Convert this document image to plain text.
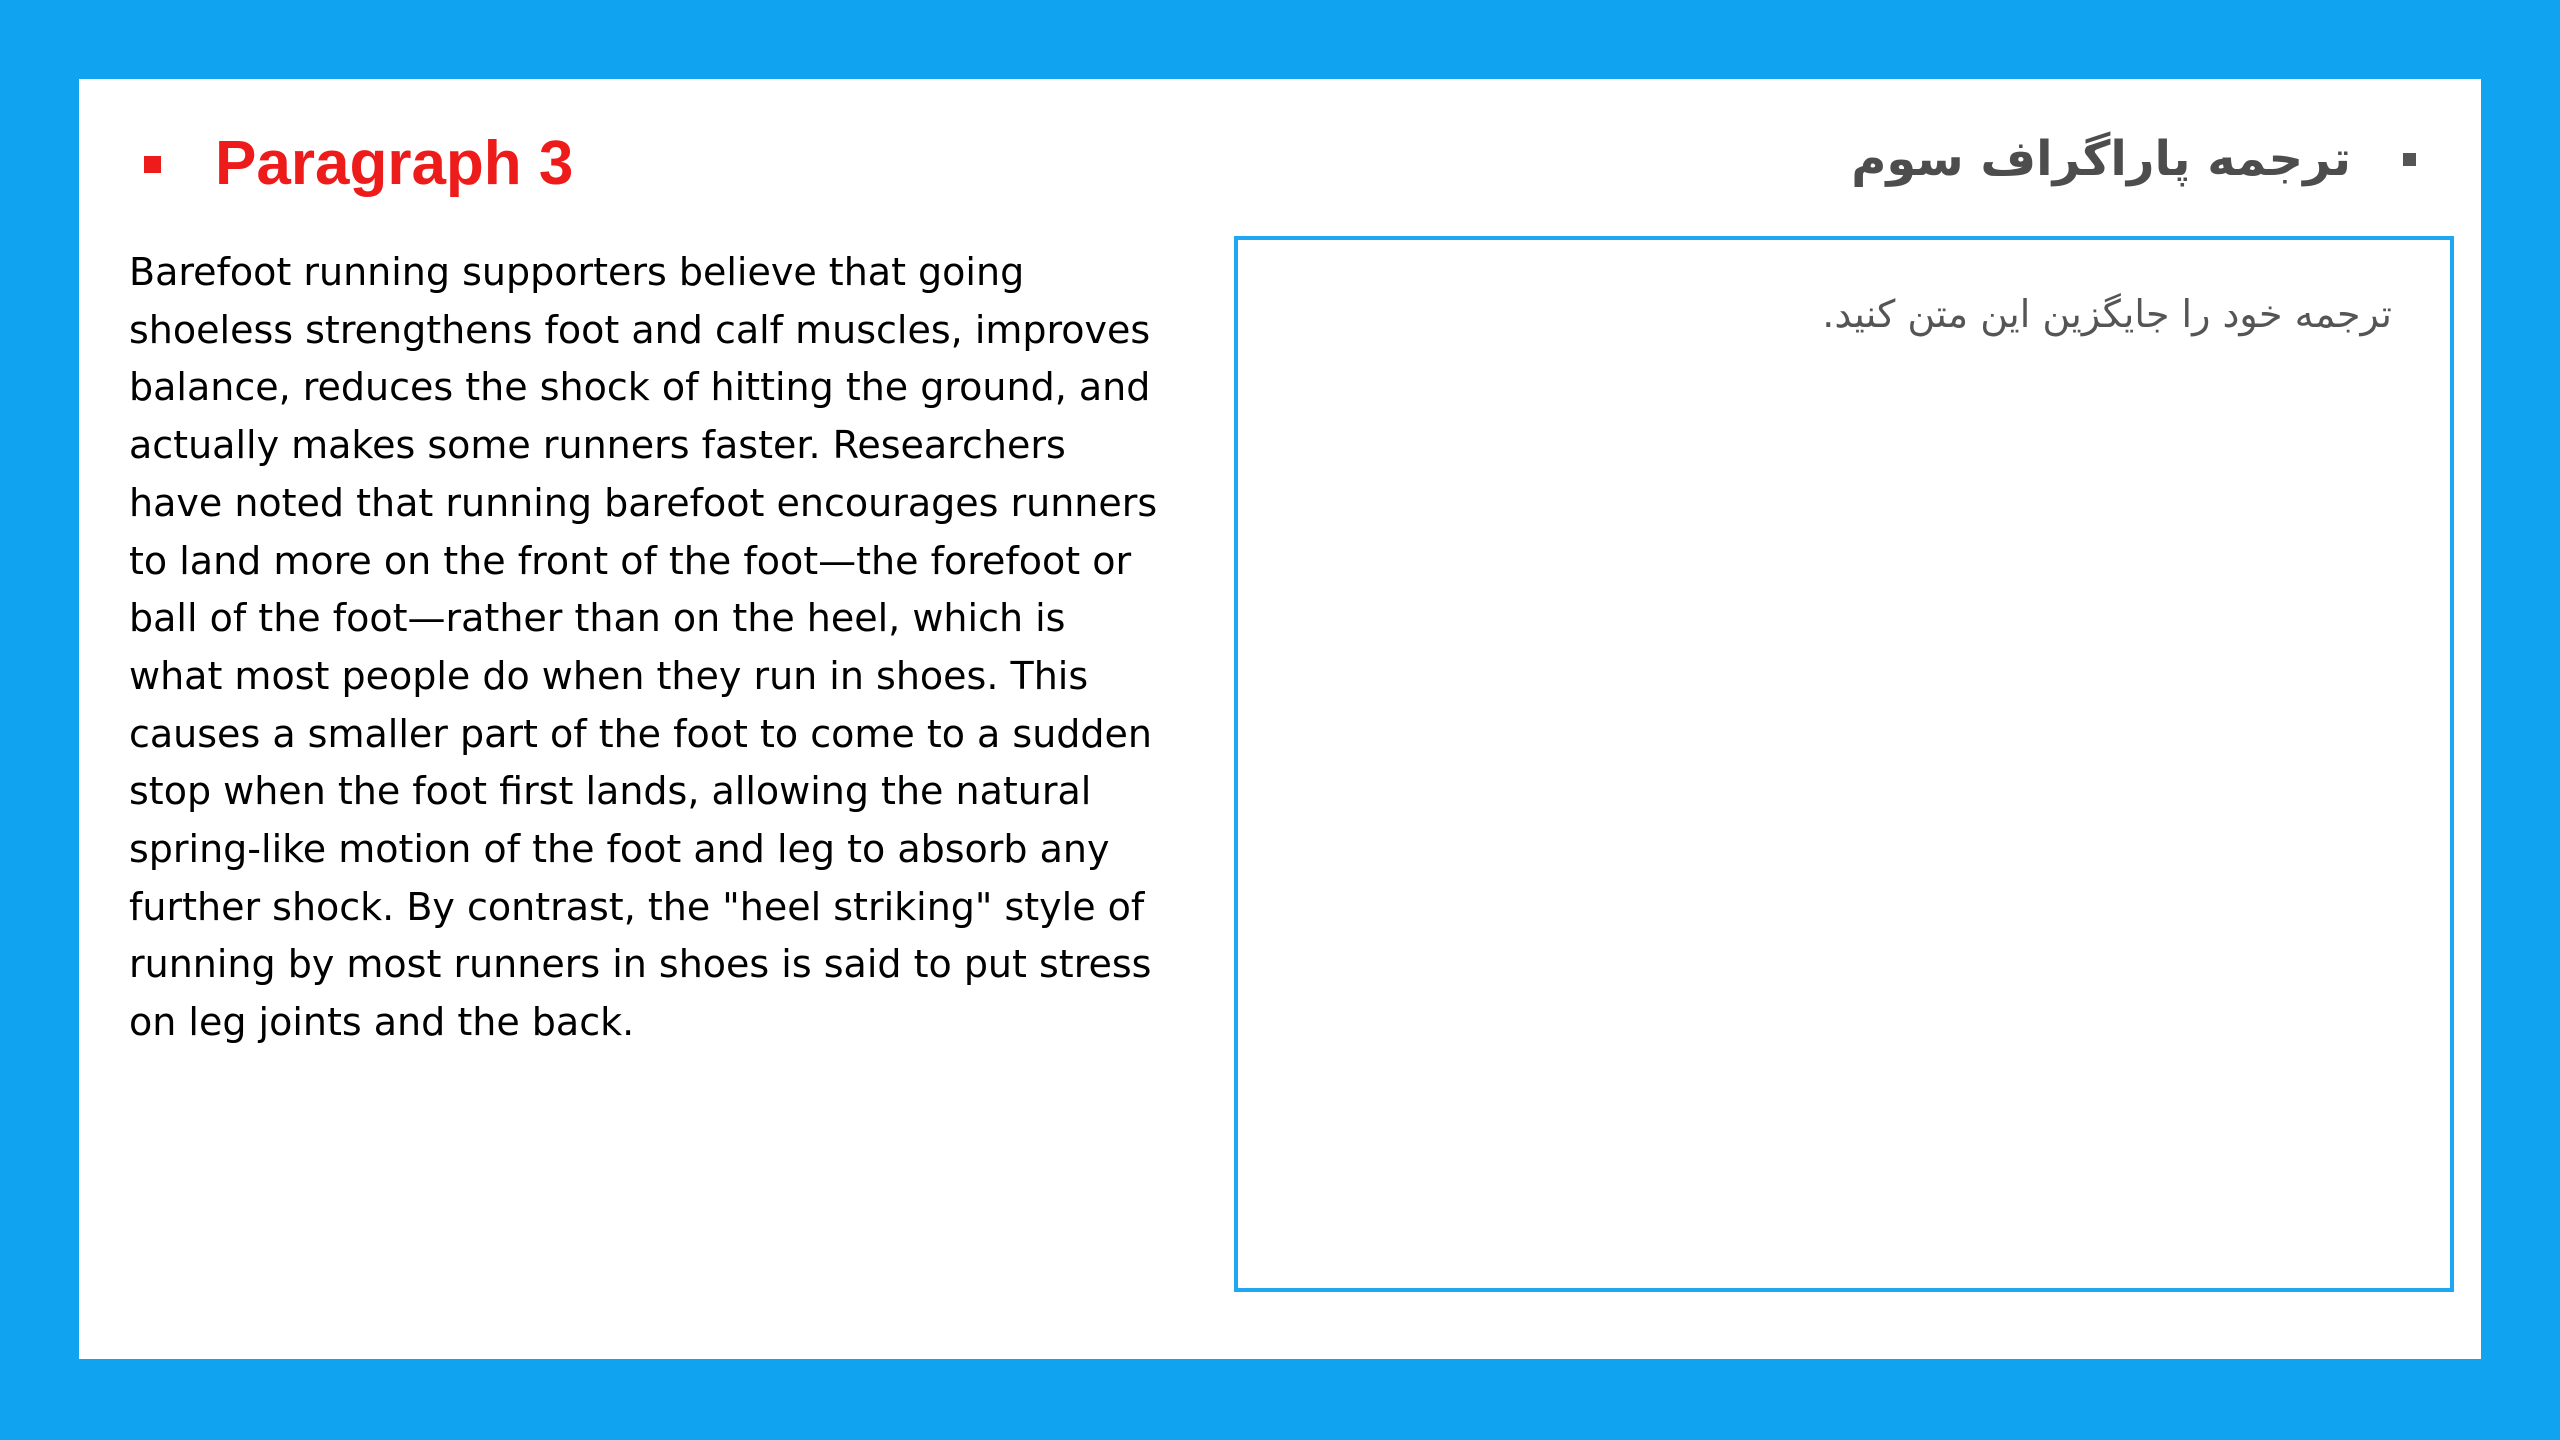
Paragraph 3

Barefoot running supporters believe that going shoeless strengthens foot and calf muscles, improves balance, reduces the shock of hitting the ground, and actually makes some runners faster. Researchers have noted that running barefoot encourages runners to land more on the front of the foot—the forefoot or ball of the foot—rather than on the heel, which is what most people do when they run in shoes. This causes a smaller part of the foot to come to a sudden stop when the foot first lands, allowing the natural spring-like motion of the foot and leg to absorb any further shock. By contrast, the "heel striking" style of running by most runners in shoes is said to put stress on leg joints and the back.

ترجمه پاراگراف سوم

ترجمه خود را جایگزین این متن کنید.
